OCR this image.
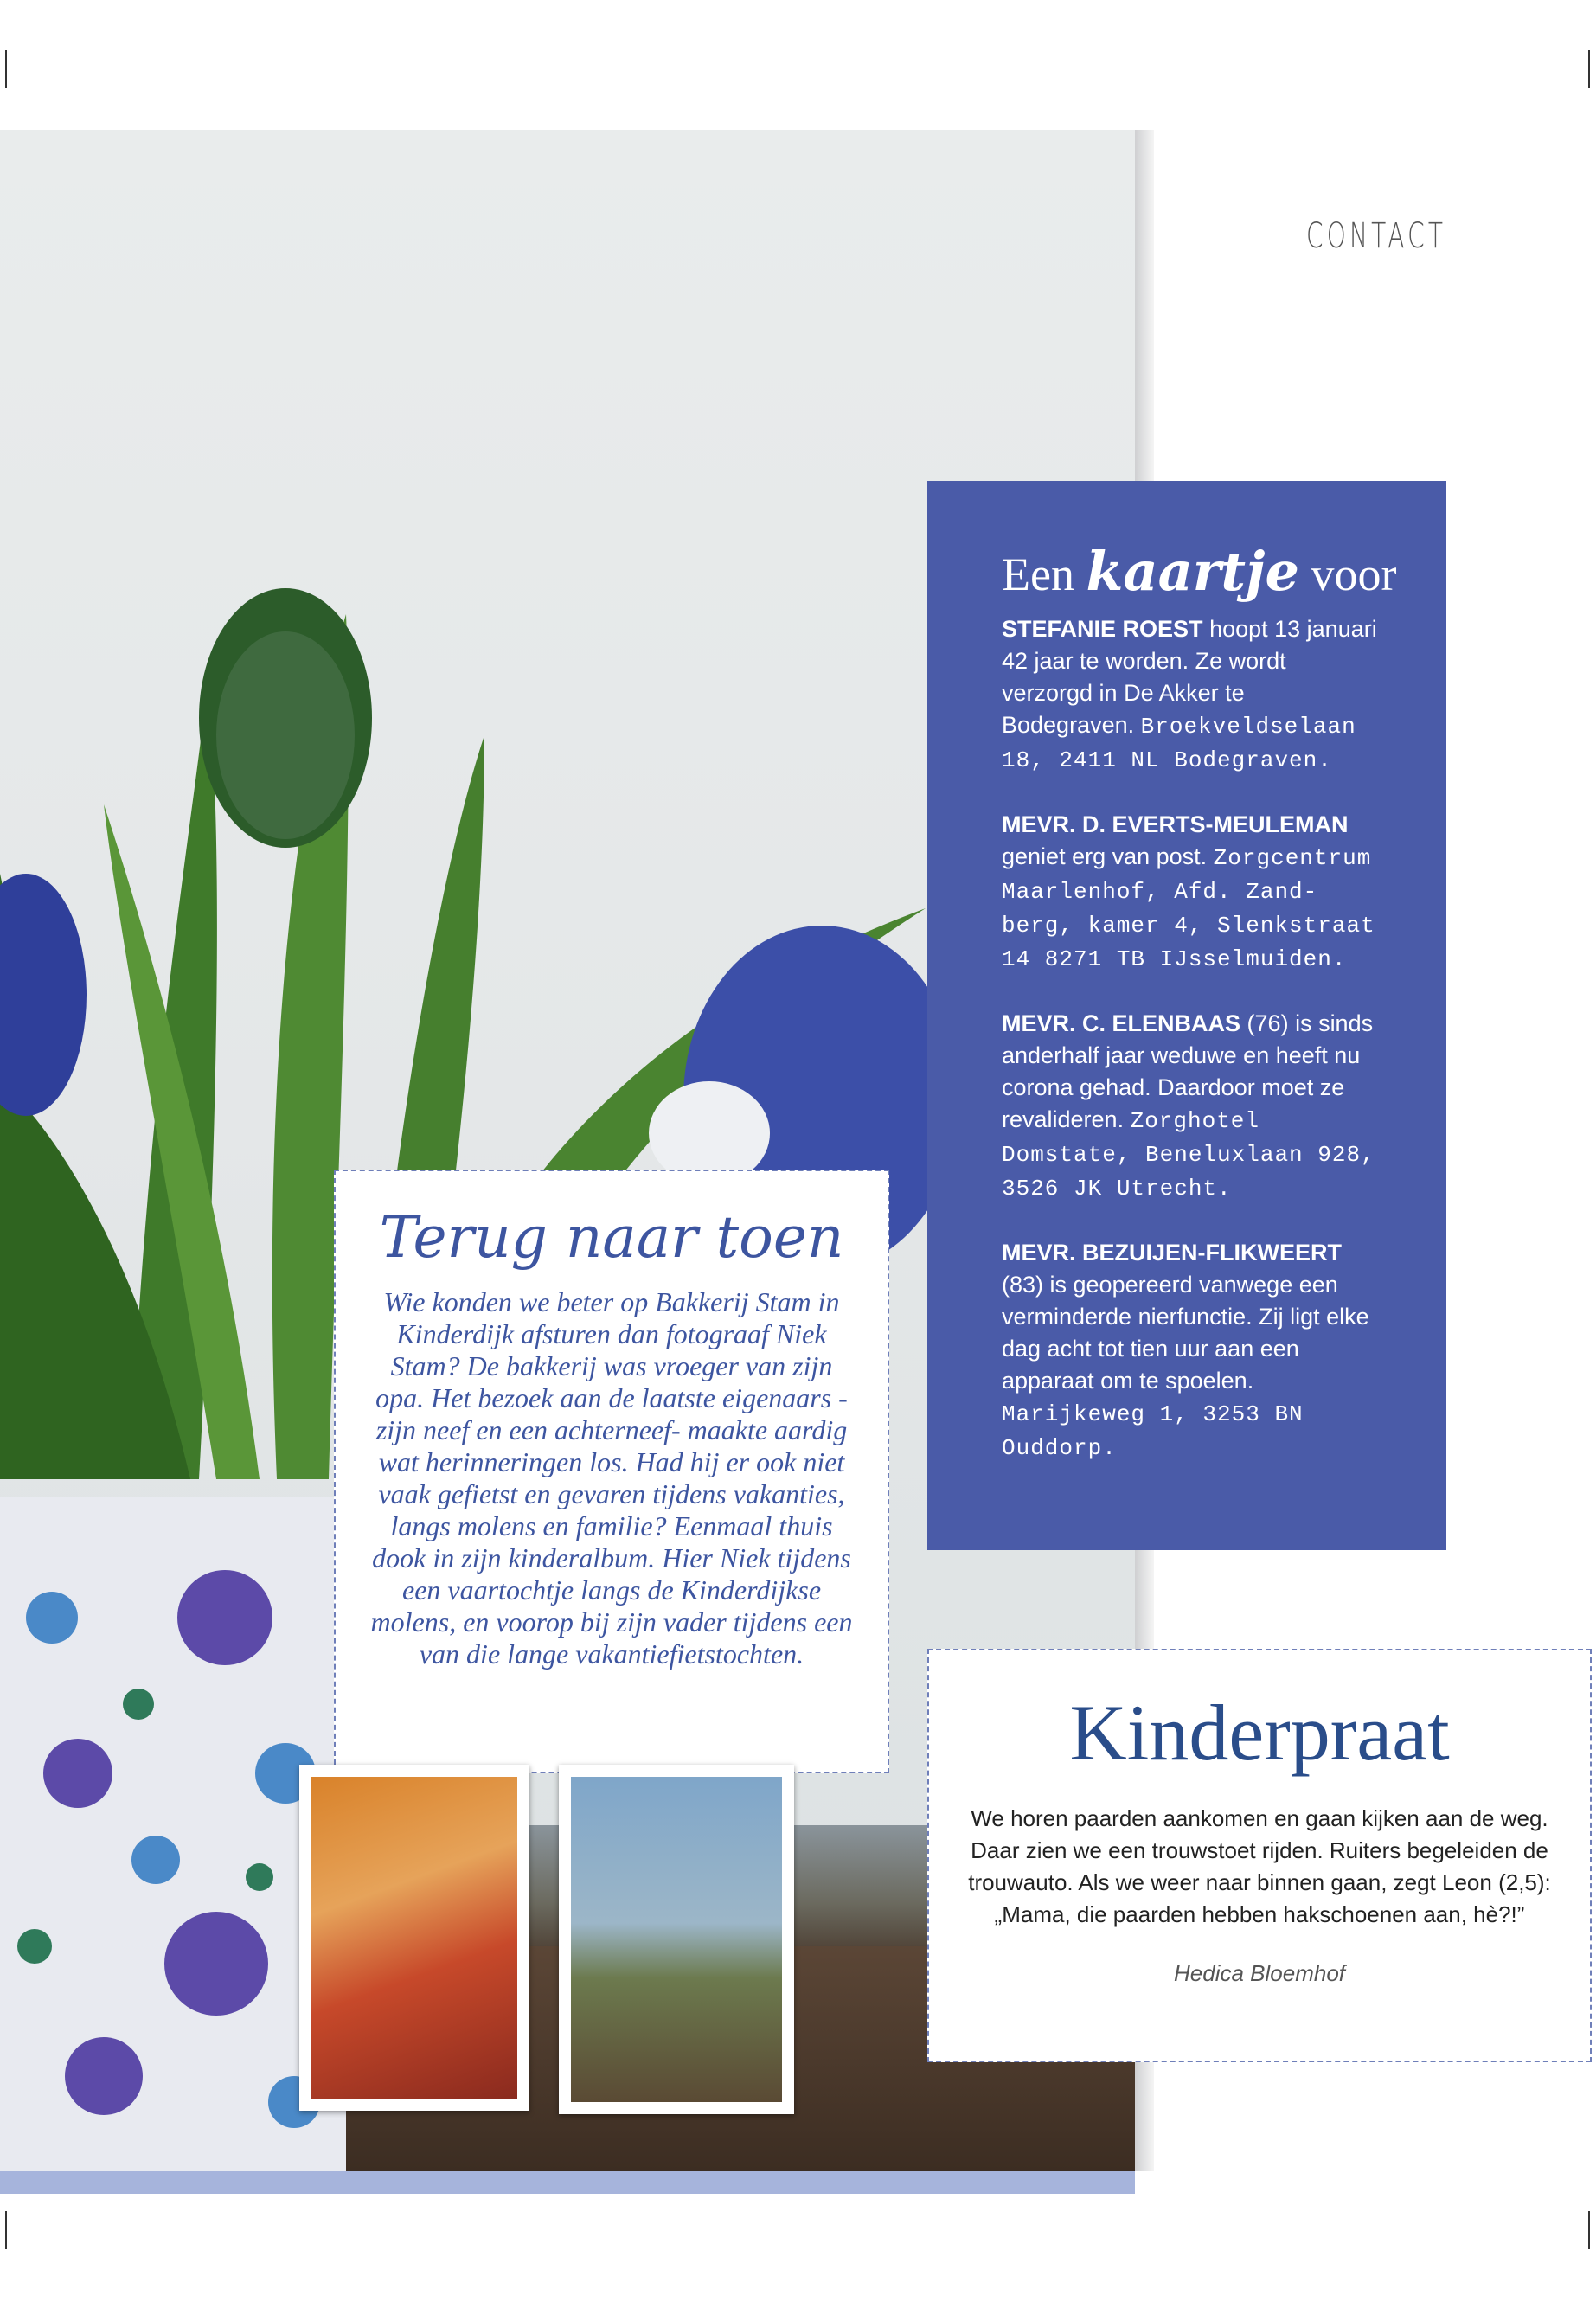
CONTACT
Een kaartje voor
STEFANIE ROEST hoopt 13 januari 42 jaar te worden. Ze wordt verzorgd in De Akker te Bodegraven. Broekveldselaan 18, 2411 NL Bodegraven.
MEVR. D. EVERTS-MEULEMAN geniet erg van post. Zorgcentrum Maarlenhof, Afd. Zand-berg, kamer 4, Slenkstraat 14 8271 TB IJsselmuiden.
MEVR. C. ELENBAAS (76) is sinds anderhalf jaar weduwe en heeft nu corona gehad. Daardoor moet ze revalideren. Zorghotel Domstate, Beneluxlaan 928, 3526 JK Utrecht.
MEVR. BEZUIJEN-FLIKWEERT (83) is geopereerd vanwege een verminderde nierfunctie. Zij ligt elke dag acht tot tien uur aan een apparaat om te spoelen. Marijkeweg 1, 3253 BN Ouddorp.
Terug naar toen
Wie konden we beter op Bakkerij Stam in Kinderdijk afsturen dan fotograaf Niek Stam? De bakkerij was vroeger van zijn opa. Het bezoek aan de laatste eigenaars -zijn neef en een achterneef- maakte aardig wat herinneringen los. Had hij er ook niet vaak gefietst en gevaren tijdens vakanties, langs molens en familie? Eenmaal thuis dook in zijn kinderalbum. Hier Niek tijdens een vaartochtje langs de Kinderdijkse molens, en voorop bij zijn vader tijdens een van die lange vakantiefietstochten.
Kinderpraat
We horen paarden aankomen en gaan kijken aan de weg. Daar zien we een trouwstoet rijden. Ruiters begeleiden de trouwauto. Als we weer naar binnen gaan, zegt Leon (2,5): „Mama, die paarden hebben hakschoenen aan, hè?!”
Hedica Bloemhof
